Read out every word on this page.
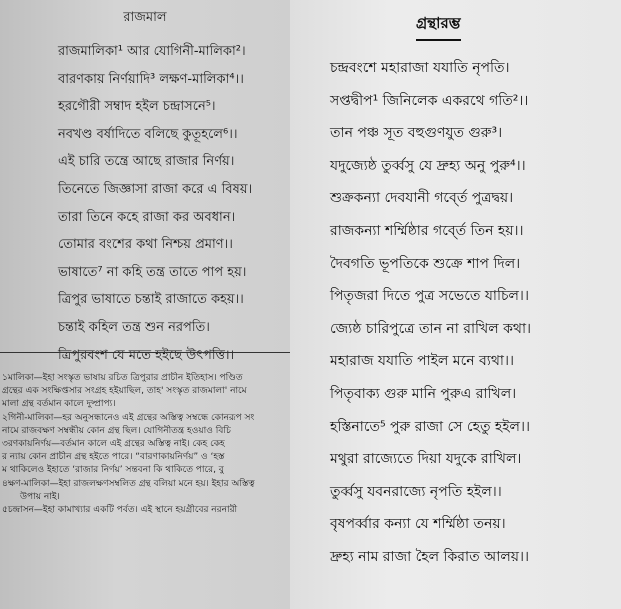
রাজমাল
রাজমালিকা¹ আর যোগিনী-মালিকা²।
বারণকায় নির্ণয়াদি³ লক্ষণ-মালিকা⁴।।
হরগৌরী সম্বাদ হইল চন্দ্রাসনে⁵।
নবখণ্ড বর্ষাদিতে বলিছে কুতূহলে⁶।।
এই চারি তন্ত্রে আছে রাজার নির্ণয়।
তিনেতে জিজ্ঞাসা রাজা করে এ বিষয়।
তারা তিনে কহে রাজা কর অবধান।
তোমার বংশের কথা নিশ্চয় প্রমাণ।।
ভাষাতে⁷ না কহি তন্ত্র তাতে পাপ হয়।
ত্রিপুর ভাষাতে চন্তাই রাজাতে কহয়।।
চন্তাই কহিল তন্ত্র শুন নরপতি।
ত্রিপুরবংশ যে মতে হইছে উৎপত্তি।।
১মালিকা—ইহা সংস্কৃত ভাষায় রচিত ত্রিপুরার প্রাচীন ইতিহাস। পণ্ডিত
গ্রন্থের এক সংক্ষিপ্তসার সংগ্রহ হইয়াছিল, তাহ' সংস্কৃত রাজমালা' নামে
মালা গ্রন্থ বর্তমান কালে দুষ্প্রাপ্য।
২গিনী-মালিকা—হর অনুসন্ধানেও এই গ্রন্থের অস্তিত্ব সম্বন্ধে কোনরূপ সং
নামে রাজবক্ষণ সম্বন্ধীয় কোন গ্রন্থ ছিল। যোগিনীতন্ত্র হওয়াও বিচি
৩রণকায়নির্ণয়—বর্তমান কালে এই গ্রন্থের অস্তিত্ব নাই। কেহ কেহ
র ন্যায় কোন প্রাচীন গ্রন্থ হইতে পারে। “বারণাকায়নির্ণয়” ও ‘হস্ত
ম থাকিলেও ইহাতে ‘রাজার নির্ণয়’ সন্তবনা কি থাকিতে পারে, বু
৪ক্ষণ-মালিকা—ইহা রাজলক্ষণসম্বলিত গ্রন্থ বলিয়া মনে হয়। ইহার অস্তিত্ব
উপায় নাই।
৫চন্দ্রাসন—ইহা কামাখ্যার একটি পর্বত। এই স্থানে হয়গ্রীবের নরনারী
গ্রন্থারম্ভ
চন্দ্রবংশে মহারাজা যযাতি নৃপতি।
সপ্তদ্বীপ¹ জিনিলেক একরথে গতি²।।
তান পঞ্চ সূত বহুগুণযুত গুরু³।
যদুজ্যেষ্ঠ তুর্ব্বসু যে দ্রুহ্য অনু পুরু⁴।।
শুক্রকন্যা দেবযানী গর্ব্তে পুত্রদ্বয়।
রাজকন্যা শর্ম্মিষ্ঠার গর্ব্তে তিন হয়।।
দৈবগতি ভূপতিকে শুক্রে শাপ দিল।
পিতৃজরা দিতে পুত্র সভেতে যাচিল।।
জ্যেষ্ঠ চারিপুত্রে তান না রাখিল কথা।
মহারাজ যযাতি পাইল মনে ব্যথা।।
পিতৃবাক্য গুরু মানি পুরুএ রাখিল।
হস্তিনাতে⁵ পুরু রাজা সে হেতু হইল।।
মথুরা রাজ্যেতে দিয়া যদুকে রাখিল।
তুর্ব্বসু যবনরাজ্যে নৃপতি হইল।।
বৃষপর্ব্বার কন্যা যে শর্ম্মিষ্ঠা তনয়।
দ্রুহ্য নাম রাজা হৈল কিরাত আলয়।।
